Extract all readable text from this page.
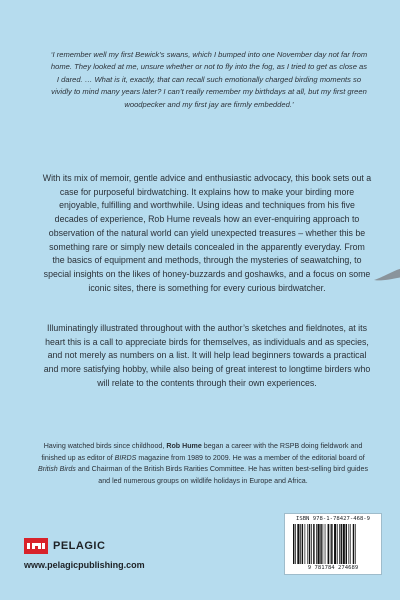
‘I remember well my first Bewick’s swans, which I bumped into one November day not far from home. They looked at me, unsure whether or not to fly into the fog, as I tried to get as close as I dared. … What is it, exactly, that can recall such emotionally charged birding moments so vividly to mind many years later? I can’t really remember my birthdays at all, but my first green woodpecker and my first jay are firmly embedded.’
With its mix of memoir, gentle advice and enthusiastic advocacy, this book sets out a case for purposeful birdwatching. It explains how to make your birding more enjoyable, fulfilling and worthwhile. Using ideas and techniques from his five decades of experience, Rob Hume reveals how an ever-enquiring approach to observation of the natural world can yield unexpected treasures – whether this be something rare or simply new details concealed in the apparently everyday. From the basics of equipment and methods, through the mysteries of seawatching, to special insights on the likes of honey-buzzards and goshawks, and a focus on some iconic sites, there is something for every curious birdwatcher.
Illuminatingly illustrated throughout with the author’s sketches and fieldnotes, at its heart this is a call to appreciate birds for themselves, as individuals and as species, and not merely as numbers on a list. It will help lead beginners towards a practical and more satisfying hobby, while also being of great interest to longtime birders who will relate to the contents through their own experiences.
Having watched birds since childhood, Rob Hume began a career with the RSPB doing fieldwork and finished up as editor of BIRDS magazine from 1989 to 2009. He was a member of the editorial board of British Birds and Chairman of the British Birds Rarities Committee. He has written best-selling bird guides and led numerous groups on wildlife holidays in Europe and Africa.
PELAGIC
www.pelagicpublishing.com
ISBN 978-1-78427-468-9
9 781784 274689
